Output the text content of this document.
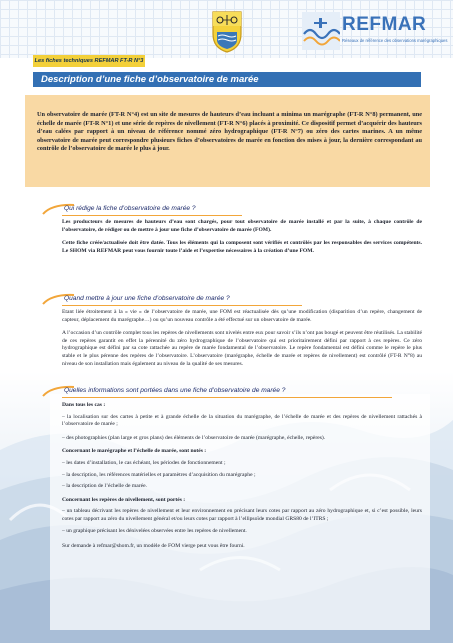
REFMAR
Réseaux de référence des observations marégraphiques
Les fiches techniques REFMAR FT-R N°3
Description d’une fiche d’observatoire de marée

Un observatoire de marée (FT-R N°4) est un site de mesures de hauteurs d’eau incluant a minima un marégraphe (FT-R N°8) permanent, une échelle de marée (FT-R N°1) et une série de repères de nivellement (FT-R N°6) placés à proximité. Ce dispositif permet d’acquérir des hauteurs d’eau calées par rapport à un niveau de référence nommé zéro hydrographique (FT-R N°7) ou zéro des cartes marines. A un même observatoire de marée peut correspondre plusieurs fiches d’observatoires de marée en fonction des mises à jour, la dernière correspondant au contrôle de l’observatoire de marée le plus à jour.

Qui rédige la fiche d’observatoire de marée ?

Les producteurs de mesures de hauteurs d’eau sont chargés, pour tout observatoire de marée installé et par la suite, à chaque contrôle de l’observatoire, de rédiger ou de mettre à jour une fiche d’observatoire de marée (FOM).

Cette fiche créée/actualisée doit être datée. Tous les éléments qui la composent sont vérifiés et contrôlés par les responsables des services compétents. Le SHOM via REFMAR peut vous fournir toute l’aide et l’expertise nécessaires à la création d’une FOM.

Quand mettre à jour une fiche d’observatoire de marée ?

Etant liée étroitement à la « vie » de l’observatoire de marée, une FOM est réactualisée dès qu’une modification (disparition d’un repère, changement de capteur, déplacement du marégraphe…) ou qu’un nouveau contrôle a été effectué sur un observatoire de marée.

A l’occasion d’un contrôle complet tous les repères de nivellements sont nivelés entre eux pour savoir s’ils n’ont pas bougé et peuvent être réutilisés. La stabilité de ces repères garantit en effet la pérennité du zéro hydrographique de l’observatoire qui est prioritairement défini par rapport à ces repères. Ce zéro hydrographique est défini par sa cote rattachée au repère de marée fondamental de l’observatoire. Le repère fondamental est défini comme le repère le plus stable et le plus pérenne des repères de l’observatoire. L’observatoire (marégraphe, échelle de marée et repères de nivellement) est contrôlé (FT-R N°8) au niveau de son installation mais également au niveau de la qualité de ses mesures.

Quelles informations sont portées dans une fiche d’observatoire de marée ?

Dans tous les cas :

– la localisation sur des cartes à petite et à grande échelle de la situation du marégraphe, de l’échelle de marée et des repères de nivellement rattachés à l’observatoire de marée ;

– des photographies (plan large et gros plans) des éléments de l’observatoire de marée (marégraphe, échelle, repères).

Concernant le marégraphe et l’échelle de marée, sont notés :

– les dates d’installation, le cas échéant, les périodes de fonctionnement ;

– la description, les références matérielles et paramètres d’acquisition du marégraphe ;

– la description de l’échelle de marée.

Concernant les repères de nivellement, sont portés :

– un tableau décrivant les repères de nivellement et leur environnement en précisant leurs cotes par rapport au zéro hydrographique et, si c’est possible, leurs cotes par rapport au zéro du nivellement général et/ou leurs cotes par rapport à l’ellipsoïde mondial GRS80 de l’ITRS ;

– un graphique précisant les dénivelées observées entre les repères de nivellement.

Sur demande à refmar@shom.fr, un modèle de FOM vierge peut vous être fourni.
